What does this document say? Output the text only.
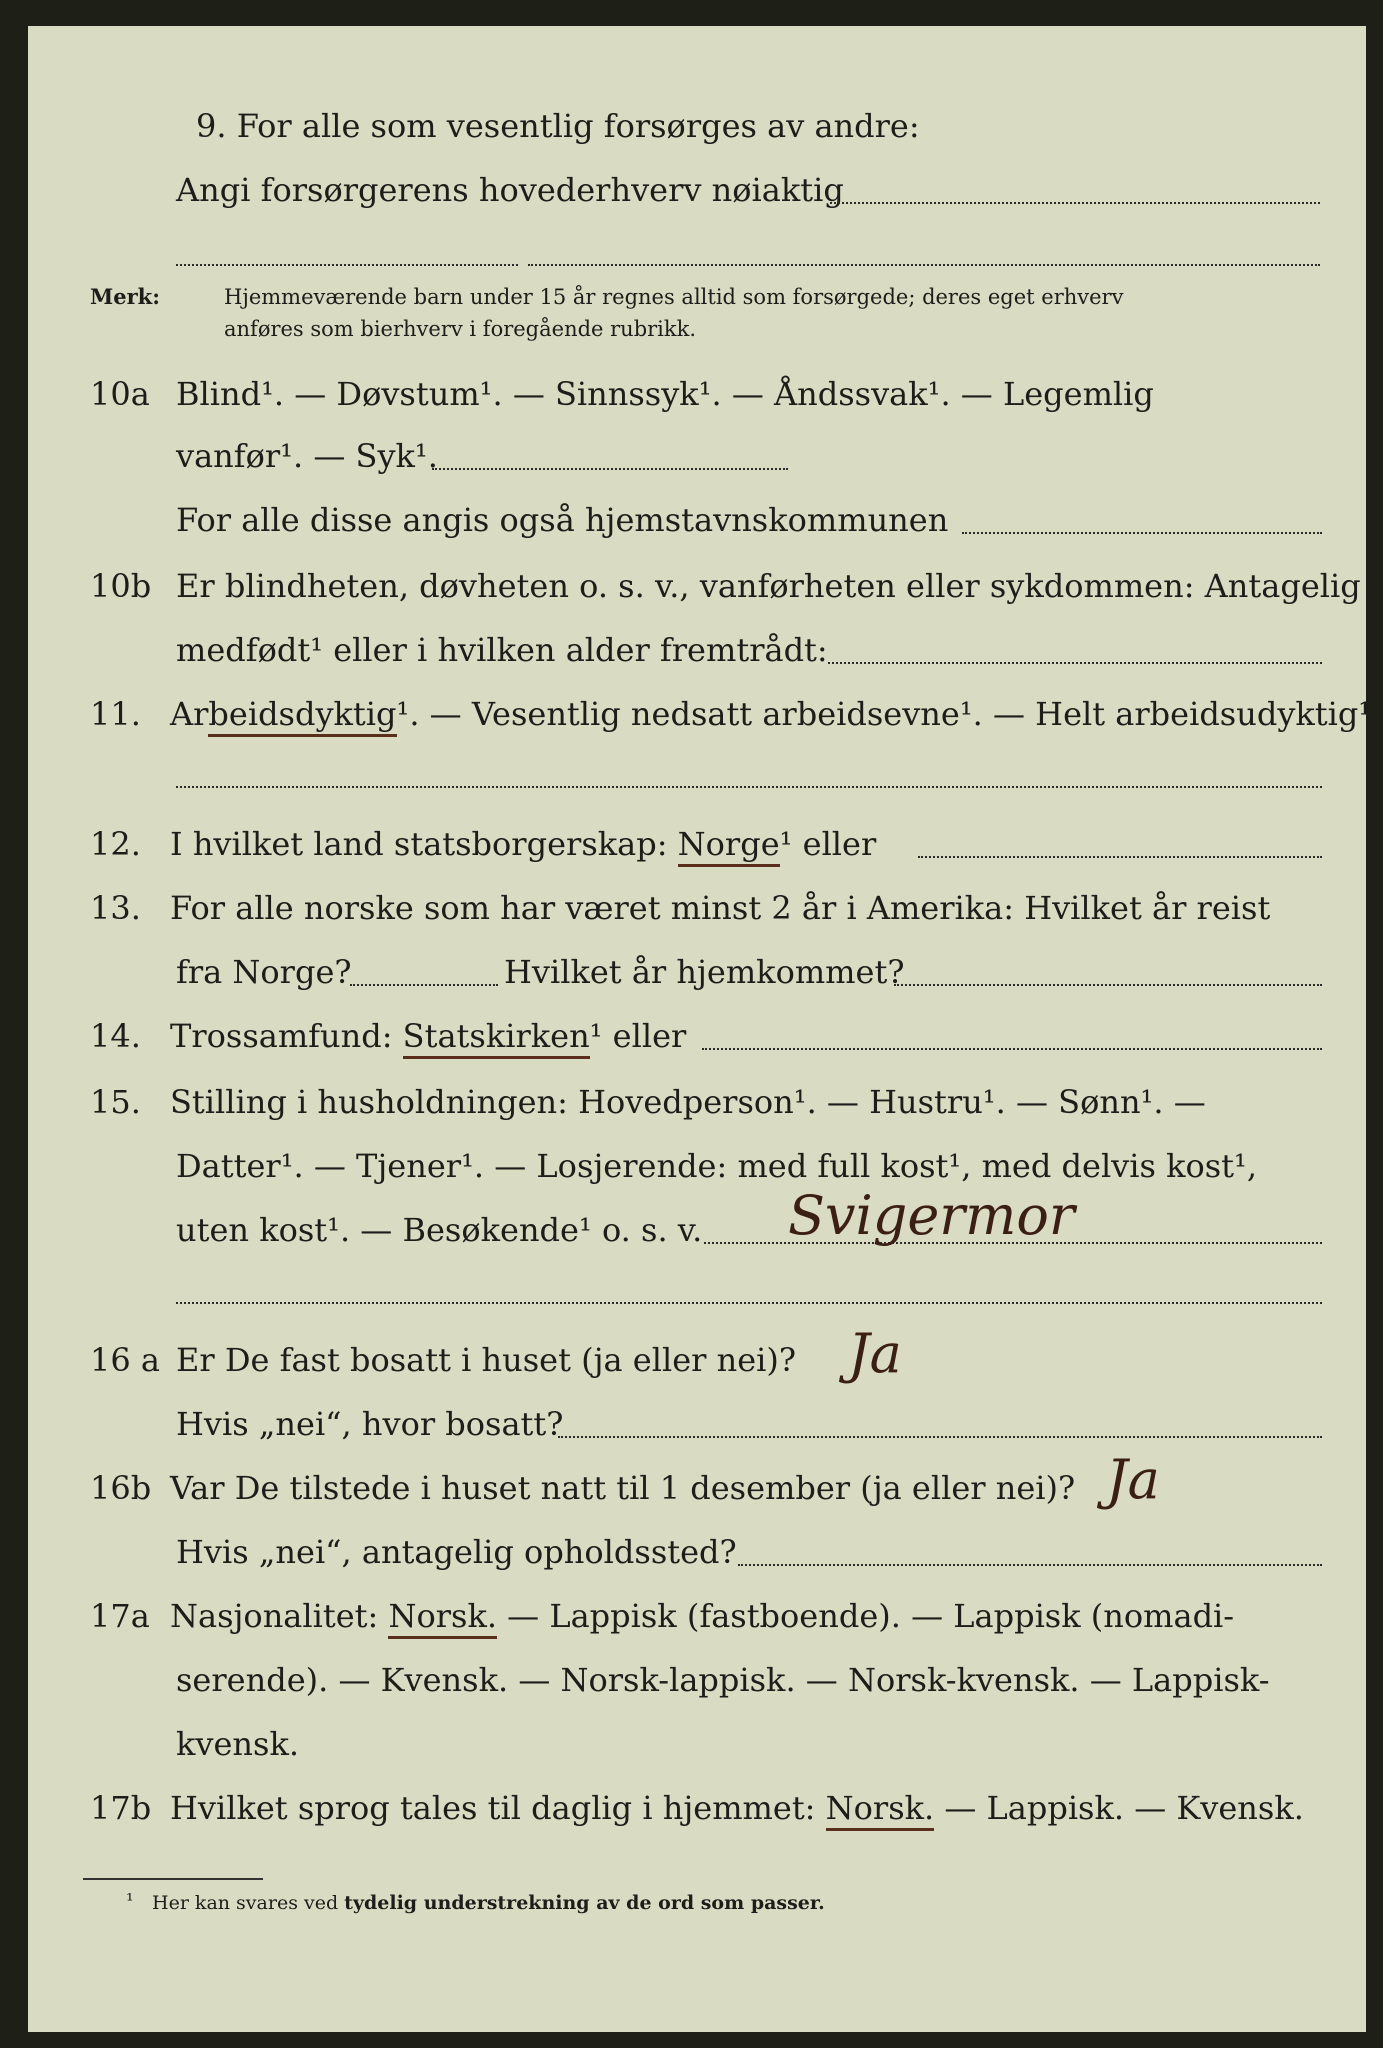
9. For alle som vesentlig forsørges av andre:
Angi forsørgerens hovederhverv nøiaktig
Merk:	Hjemmeværende barn under 15 år regnes alltid som forsørgede; deres eget erhverv
anføres som bierhverv i foregående rubrikk.
10a Blind¹. — Døvstum¹. — Sinnssyk¹. — Åndssvak¹. — Legemlig
vanfør¹. — Syk¹.
For alle disse angis også hjemstavnskommunen
10b Er blindheten, døvheten o. s. v., vanførheten eller sykdommen: Antagelig
medfødt¹ eller i hvilken alder fremtrådt:
11. Arbeidsdyktig¹. — Vesentlig nedsatt arbeidsevne¹. — Helt arbeidsudyktig¹.
12. I hvilket land statsborgerskap: Norge¹ eller
13. For alle norske som har været minst 2 år i Amerika: Hvilket år reist
fra Norge?	Hvilket år hjemkommet?
14. Trossamfund: Statskirken¹ eller
15. Stilling i husholdningen: Hovedperson¹. — Hustru¹. — Sønn¹. —
Datter¹. — Tjener¹. — Losjerende: med full kost¹, med delvis kost¹,
uten kost¹. — Besøkende¹ o. s. v. Svigermor
16 a Er De fast bosatt i huset (ja eller nei)? Ja
Hvis „nei“, hvor bosatt?
16b Var De tilstede i huset natt til 1 desember (ja eller nei)? Ja
Hvis „nei“, antagelig opholdssted?
17a Nasjonalitet: Norsk. — Lappisk (fastboende). — Lappisk (nomadi-
serende). — Kvensk. — Norsk-lappisk. — Norsk-kvensk. — Lappisk-
kvensk.
17b Hvilket sprog tales til daglig i hjemmet: Norsk. — Lappisk. — Kvensk.
¹ Her kan svares ved tydelig understrekning av de ord som passer.
